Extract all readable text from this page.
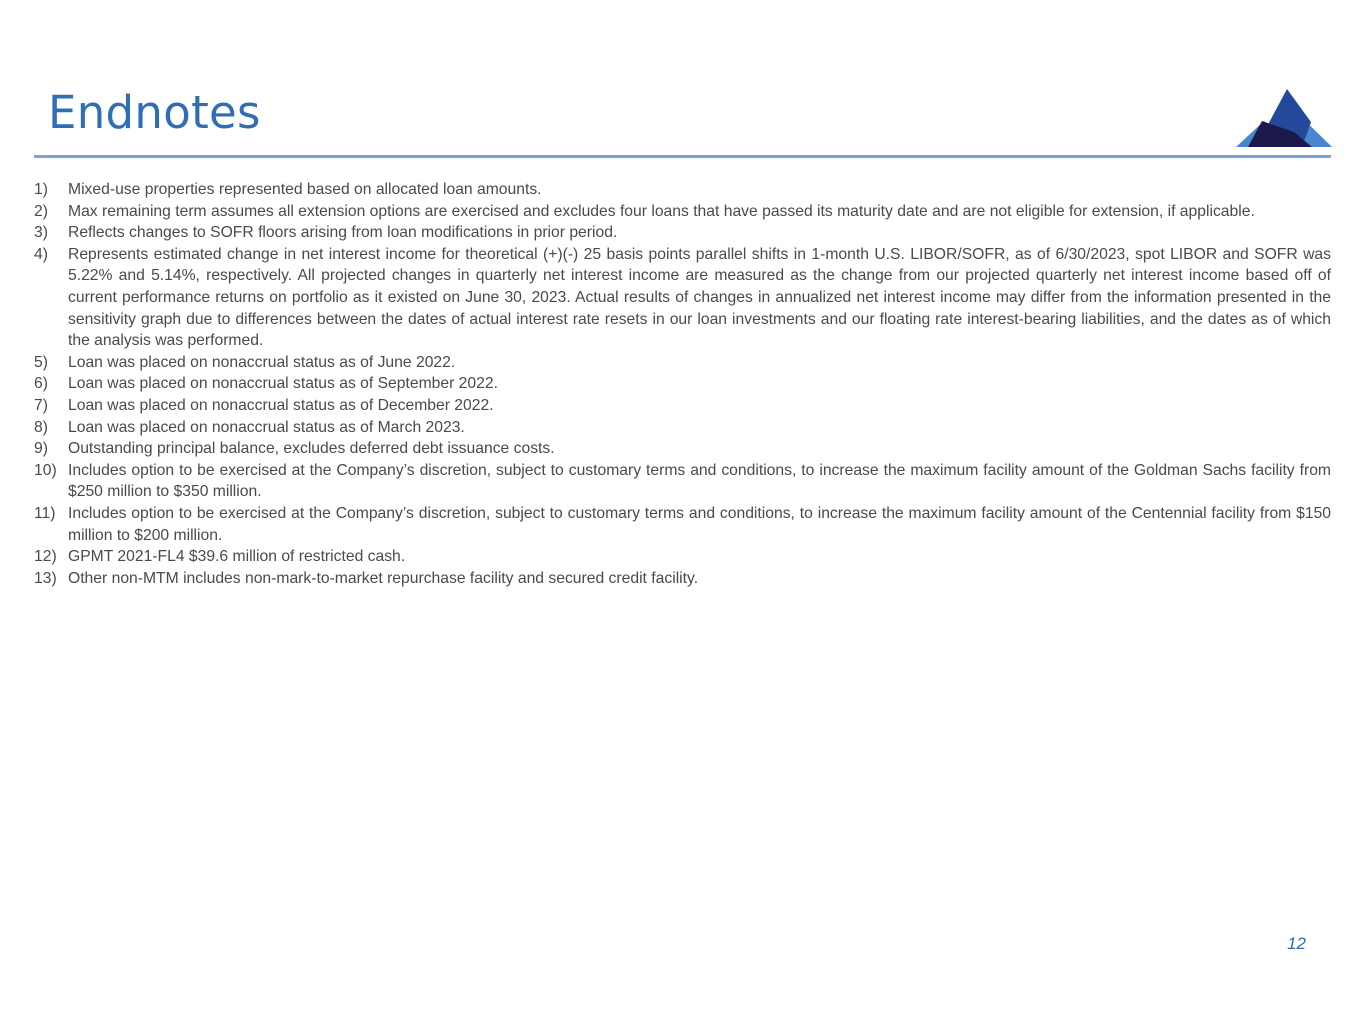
Endnotes
1) Mixed-use properties represented based on allocated loan amounts.
2) Max remaining term assumes all extension options are exercised and excludes four loans that have passed its maturity date and are not eligible for extension, if applicable.
3) Reflects changes to SOFR floors arising from loan modifications in prior period.
4) Represents estimated change in net interest income for theoretical (+)(-) 25 basis points parallel shifts in 1-month U.S. LIBOR/SOFR, as of 6/30/2023, spot LIBOR and SOFR was 5.22% and 5.14%, respectively. All projected changes in quarterly net interest income are measured as the change from our projected quarterly net interest income based off of current performance returns on portfolio as it existed on June 30, 2023. Actual results of changes in annualized net interest income may differ from the information presented in the sensitivity graph due to differences between the dates of actual interest rate resets in our loan investments and our floating rate interest-bearing liabilities, and the dates as of which the analysis was performed.
5) Loan was placed on nonaccrual status as of June 2022.
6) Loan was placed on nonaccrual status as of September 2022.
7) Loan was placed on nonaccrual status as of December 2022.
8) Loan was placed on nonaccrual status as of March 2023.
9) Outstanding principal balance, excludes deferred debt issuance costs.
10) Includes option to be exercised at the Company’s discretion, subject to customary terms and conditions, to increase the maximum facility amount of the Goldman Sachs facility from $250 million to $350 million.
11) Includes option to be exercised at the Company’s discretion, subject to customary terms and conditions, to increase the maximum facility amount of the Centennial facility from $150 million to $200 million.
12) GPMT 2021-FL4 $39.6 million of restricted cash.
13) Other non-MTM includes non-mark-to-market repurchase facility and secured credit facility.
12
